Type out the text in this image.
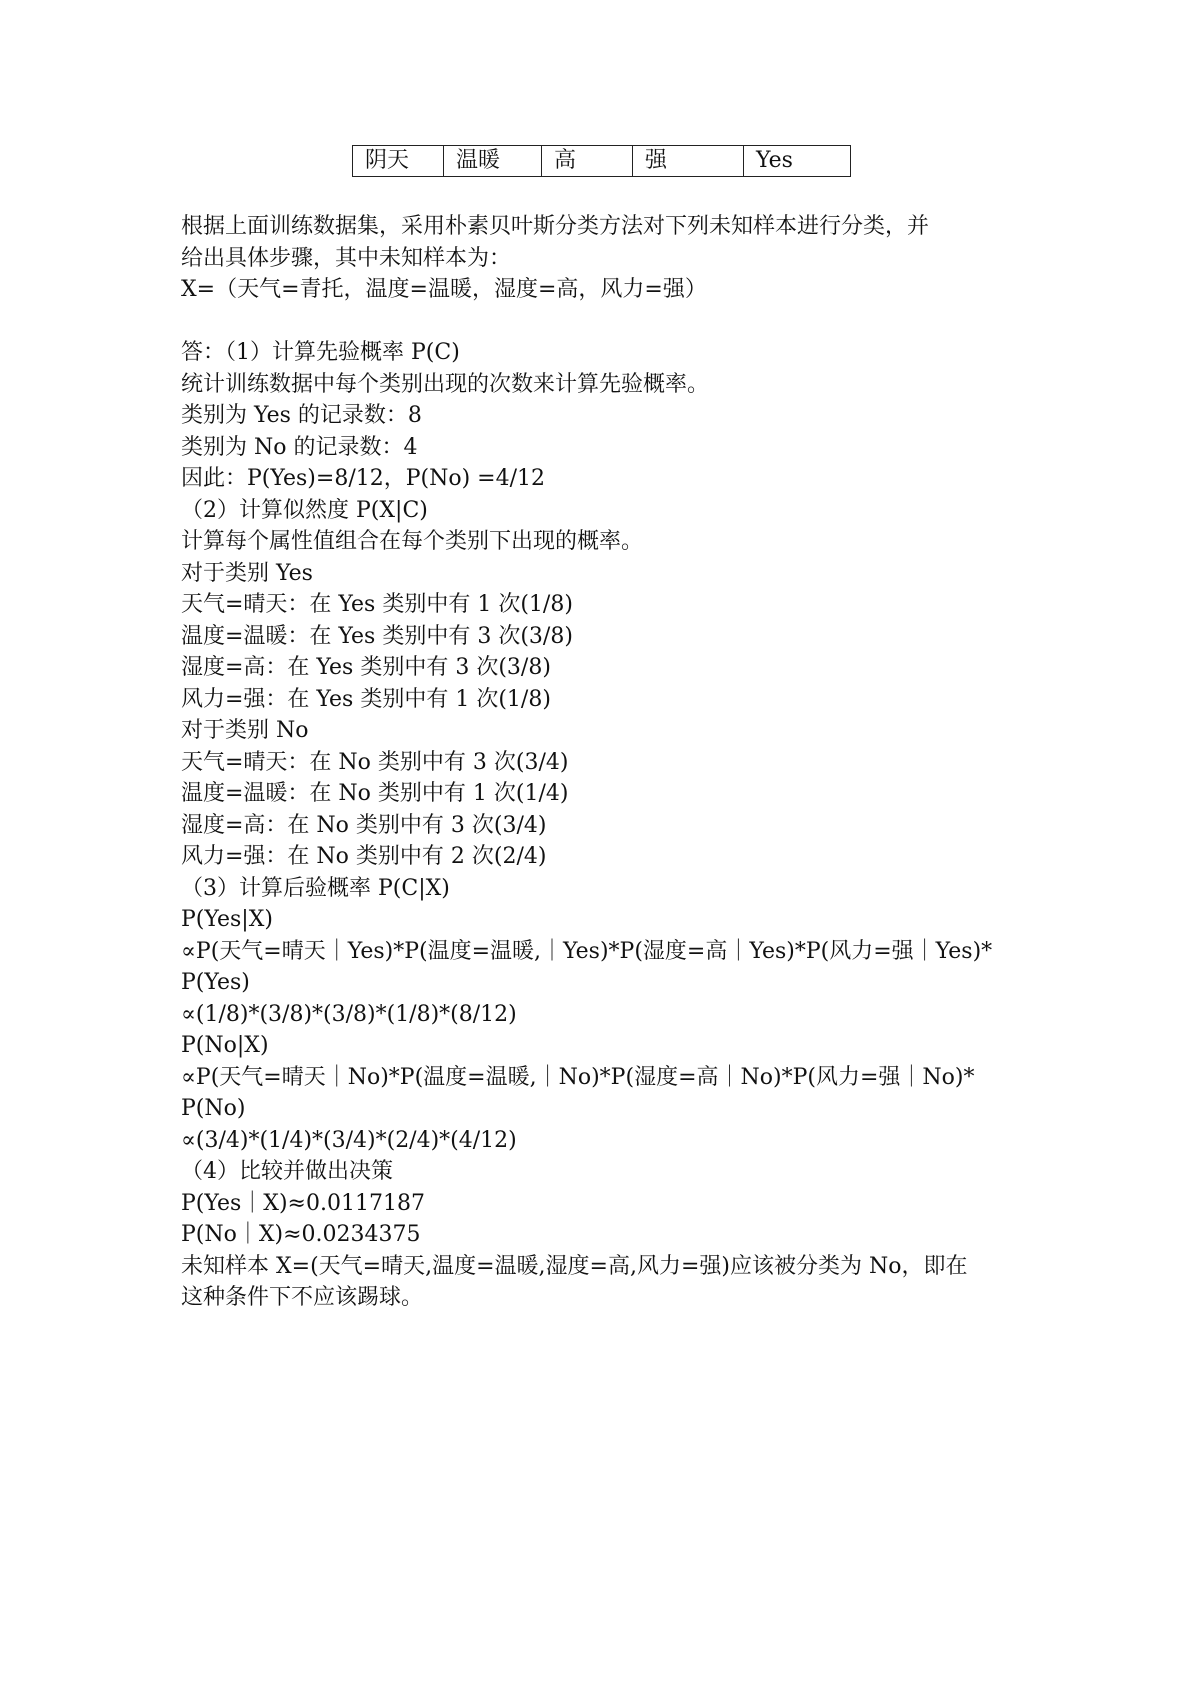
阴天	温暖	高	强	Yes
根据上面训练数据集，采用朴素贝叶斯分类方法对下列未知样本进行分类，并
给出具体步骤，其中未知样本为：
X=（天气=青托，温度=温暖，湿度=高，风力=强）
答：（1）计算先验概率 P(C)
统计训练数据中每个类别出现的次数来计算先验概率。
类别为 Yes 的记录数：8
类别为 No 的记录数：4
因此：P(Yes)=8/12，P(No) =4/12
（2）计算似然度 P(X|C)
计算每个属性值组合在每个类别下出现的概率。
对于类别 Yes
天气=晴天：在 Yes 类别中有 1 次(1/8)
温度=温暖：在 Yes 类别中有 3 次(3/8)
湿度=高：在 Yes 类别中有 3 次(3/8)
风力=强：在 Yes 类别中有 1 次(1/8)
对于类别 No
天气=晴天：在 No 类别中有 3 次(3/4)
温度=温暖：在 No 类别中有 1 次(1/4)
湿度=高：在 No 类别中有 3 次(3/4)
风力=强：在 No 类别中有 2 次(2/4)
（3）计算后验概率 P(C|X)
P(Yes|X)
∝P(天气=晴天｜Yes)*P(温度=温暖,｜Yes)*P(湿度=高｜Yes)*P(风力=强｜Yes)*
P(Yes)
∝(1/8)*(3/8)*(3/8)*(1/8)*(8/12)
P(No|X)
∝P(天气=晴天｜No)*P(温度=温暖,｜No)*P(湿度=高｜No)*P(风力=强｜No)*
P(No)
∝(3/4)*(1/4)*(3/4)*(2/4)*(4/12)
（4）比较并做出决策
P(Yes｜X)≈0.0117187
P(No｜X)≈0.0234375
未知样本 X=(天气=晴天,温度=温暖,湿度=高,风力=强)应该被分类为 No，即在
这种条件下不应该踢球。
